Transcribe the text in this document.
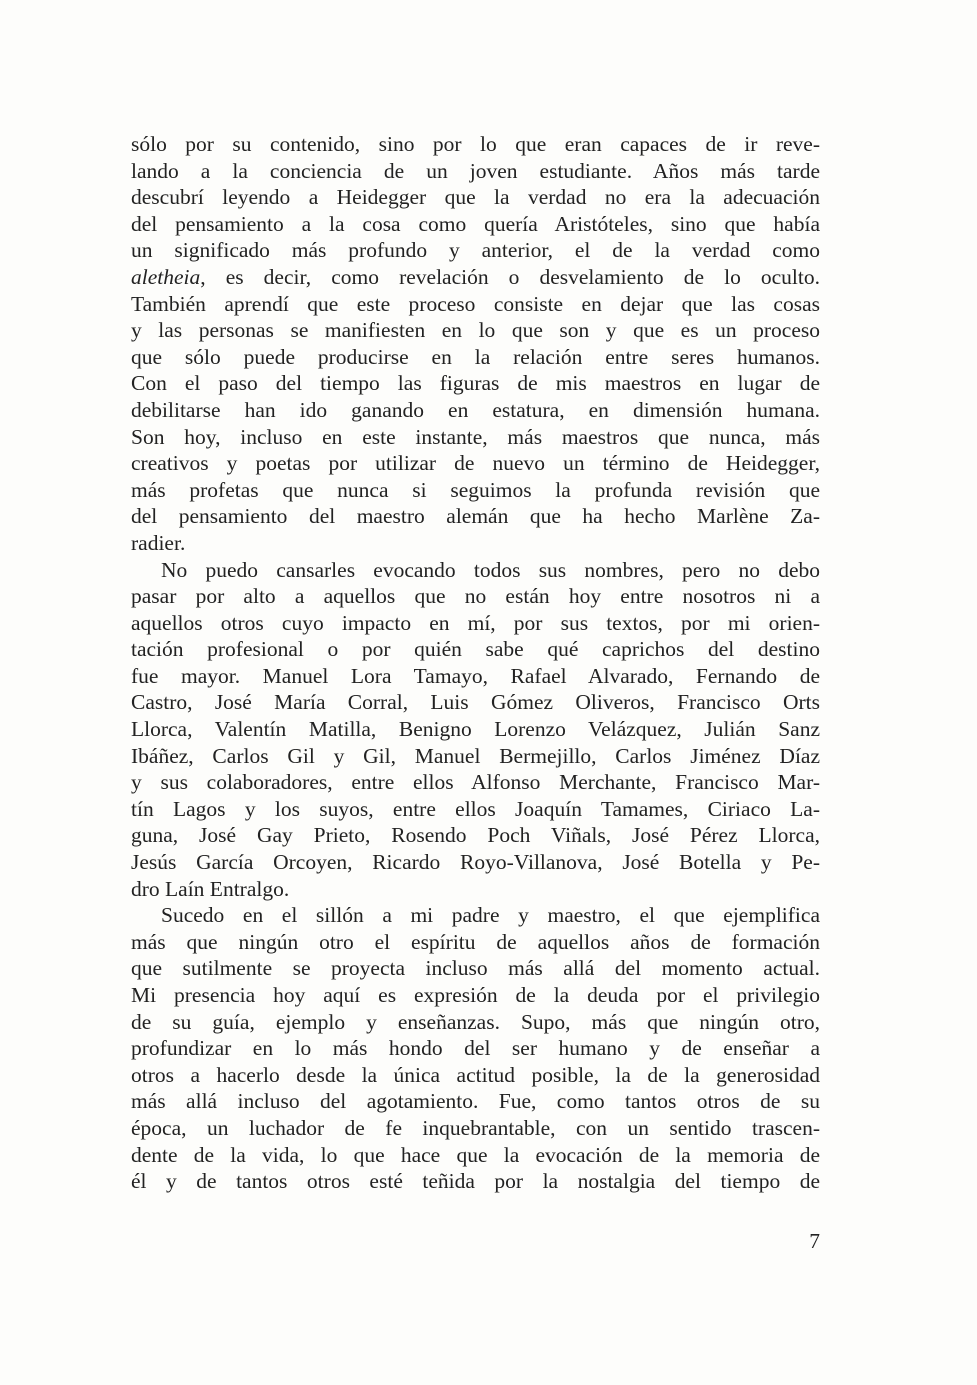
sólo por su contenido, sino por lo que eran capaces de ir reve-
lando a la conciencia de un joven estudiante. Años más tarde
descubrí leyendo a Heidegger que la verdad no era la adecuación
del pensamiento a la cosa como quería Aristóteles, sino que había
un significado más profundo y anterior, el de la verdad como
aletheia, es decir, como revelación o desvelamiento de lo oculto.
También aprendí que este proceso consiste en dejar que las cosas
y las personas se manifiesten en lo que son y que es un proceso
que sólo puede producirse en la relación entre seres humanos.
Con el paso del tiempo las figuras de mis maestros en lugar de
debilitarse han ido ganando en estatura, en dimensión humana.
Son hoy, incluso en este instante, más maestros que nunca, más
creativos y poetas por utilizar de nuevo un término de Heidegger,
más profetas que nunca si seguimos la profunda revisión que
del pensamiento del maestro alemán que ha hecho Marlène Za-
radier.
No puedo cansarles evocando todos sus nombres, pero no debo
pasar por alto a aquellos que no están hoy entre nosotros ni a
aquellos otros cuyo impacto en mí, por sus textos, por mi orien-
tación profesional o por quién sabe qué caprichos del destino
fue mayor. Manuel Lora Tamayo, Rafael Alvarado, Fernando de
Castro, José María Corral, Luis Gómez Oliveros, Francisco Orts
Llorca, Valentín Matilla, Benigno Lorenzo Velázquez, Julián Sanz
Ibáñez, Carlos Gil y Gil, Manuel Bermejillo, Carlos Jiménez Díaz
y sus colaboradores, entre ellos Alfonso Merchante, Francisco Mar-
tín Lagos y los suyos, entre ellos Joaquín Tamames, Ciriaco La-
guna, José Gay Prieto, Rosendo Poch Viñals, José Pérez Llorca,
Jesús García Orcoyen, Ricardo Royo-Villanova, José Botella y Pe-
dro Laín Entralgo.
Sucedo en el sillón a mi padre y maestro, el que ejemplifica
más que ningún otro el espíritu de aquellos años de formación
que sutilmente se proyecta incluso más allá del momento actual.
Mi presencia hoy aquí es expresión de la deuda por el privilegio
de su guía, ejemplo y enseñanzas. Supo, más que ningún otro,
profundizar en lo más hondo del ser humano y de enseñar a
otros a hacerlo desde la única actitud posible, la de la generosidad
más allá incluso del agotamiento. Fue, como tantos otros de su
época, un luchador de fe inquebrantable, con un sentido trascen-
dente de la vida, lo que hace que la evocación de la memoria de
él y de tantos otros esté teñida por la nostalgia del tiempo de
7
